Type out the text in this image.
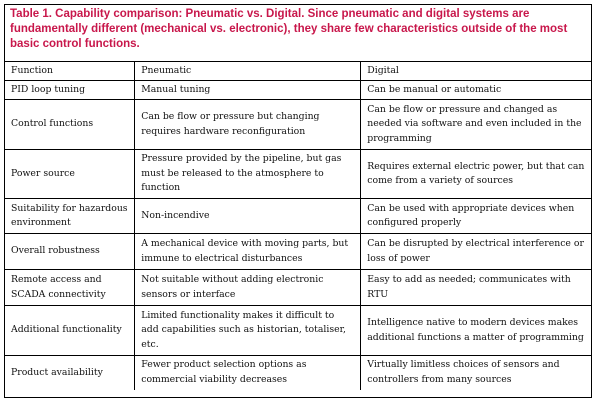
Table 1. Capability comparison: Pneumatic vs. Digital. Since pneumatic and digital systems are fundamentally different (mechanical vs. electronic), they share few characteristics outside of the most basic control functions.
Function	Pneumatic	Digital
PID loop tuning	Manual tuning	Can be manual or automatic
Control functions	Can be flow or pressure but changing requires hardware reconfiguration	Can be flow or pressure and changed as needed via software and even included in the programming
Power source	Pressure provided by the pipeline, but gas must be released to the atmosphere to function	Requires external electric power, but that can come from a variety of sources
Suitability for hazardous environment	Non-incendive	Can be used with appropriate devices when configured properly
Overall robustness	A mechanical device with moving parts, but immune to electrical disturbances	Can be disrupted by electrical interference or loss of power
Remote access and SCADA connectivity	Not suitable without adding electronic sensors or interface	Easy to add as needed; communicates with RTU
Additional functionality	Limited functionality makes it difficult to add capabilities such as historian, totaliser, etc.	Intelligence native to modern devices makes additional functions a matter of programming
Product availability	Fewer product selection options as commercial viability decreases	Virtually limitless choices of sensors and controllers from many sources
